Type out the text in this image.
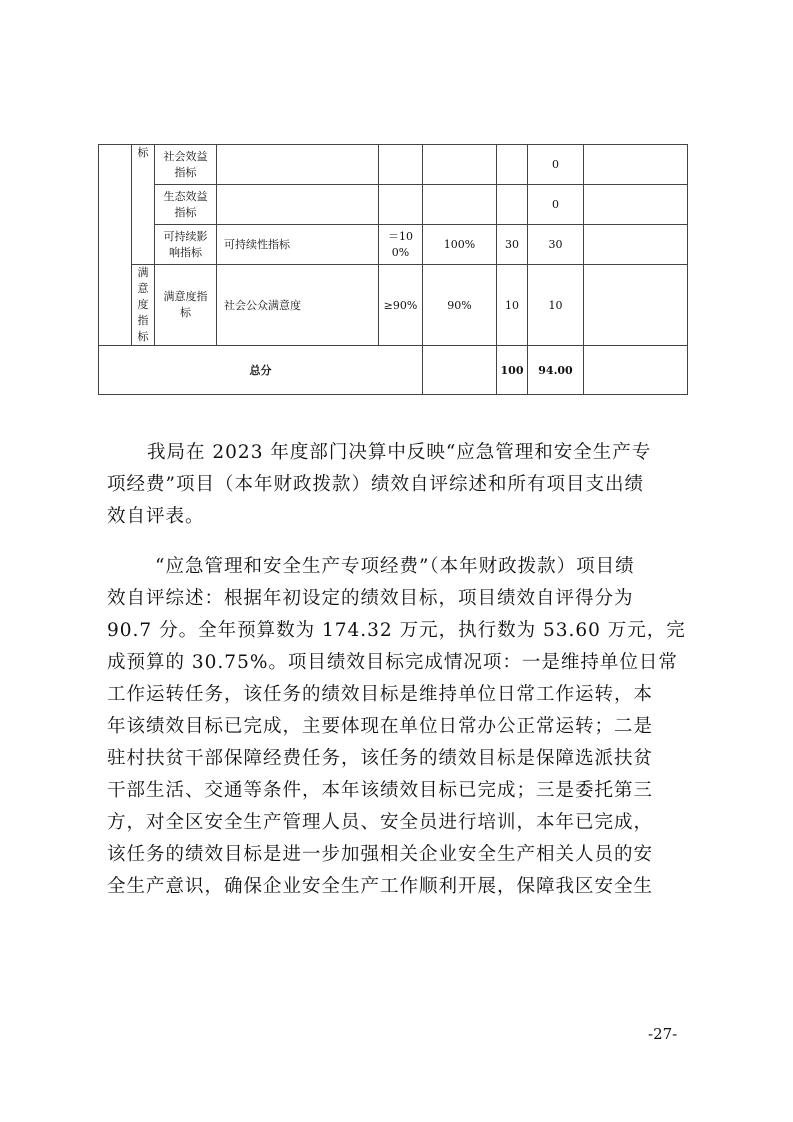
	标	社会效益指标					0	
		生态效益指标					0	
		可持续影响指标	可持续性指标	＝100%	100%	30	30	
	满意度指标	满意度指标	社会公众满意度	≥90%	90%	10	10	
总分						100	94.00	
我局在 2023 年度部门决算中反映“应急管理和安全生产专
项经费”项目（本年财政拨款）绩效自评综述和所有项目支出绩
效自评表。
“应急管理和安全生产专项经费”（本年财政拨款）项目绩
效自评综述：根据年初设定的绩效目标，项目绩效自评得分为
90.7 分。全年预算数为 174.32 万元，执行数为 53.60 万元，完
成预算的 30.75%。项目绩效目标完成情况项：一是维持单位日常
工作运转任务，该任务的绩效目标是维持单位日常工作运转，本
年该绩效目标已完成，主要体现在单位日常办公正常运转；二是
驻村扶贫干部保障经费任务，该任务的绩效目标是保障选派扶贫
干部生活、交通等条件，本年该绩效目标已完成；三是委托第三
方，对全区安全生产管理人员、安全员进行培训，本年已完成，
该任务的绩效目标是进一步加强相关企业安全生产相关人员的安
全生产意识，确保企业安全生产工作顺利开展，保障我区安全生
-27-
